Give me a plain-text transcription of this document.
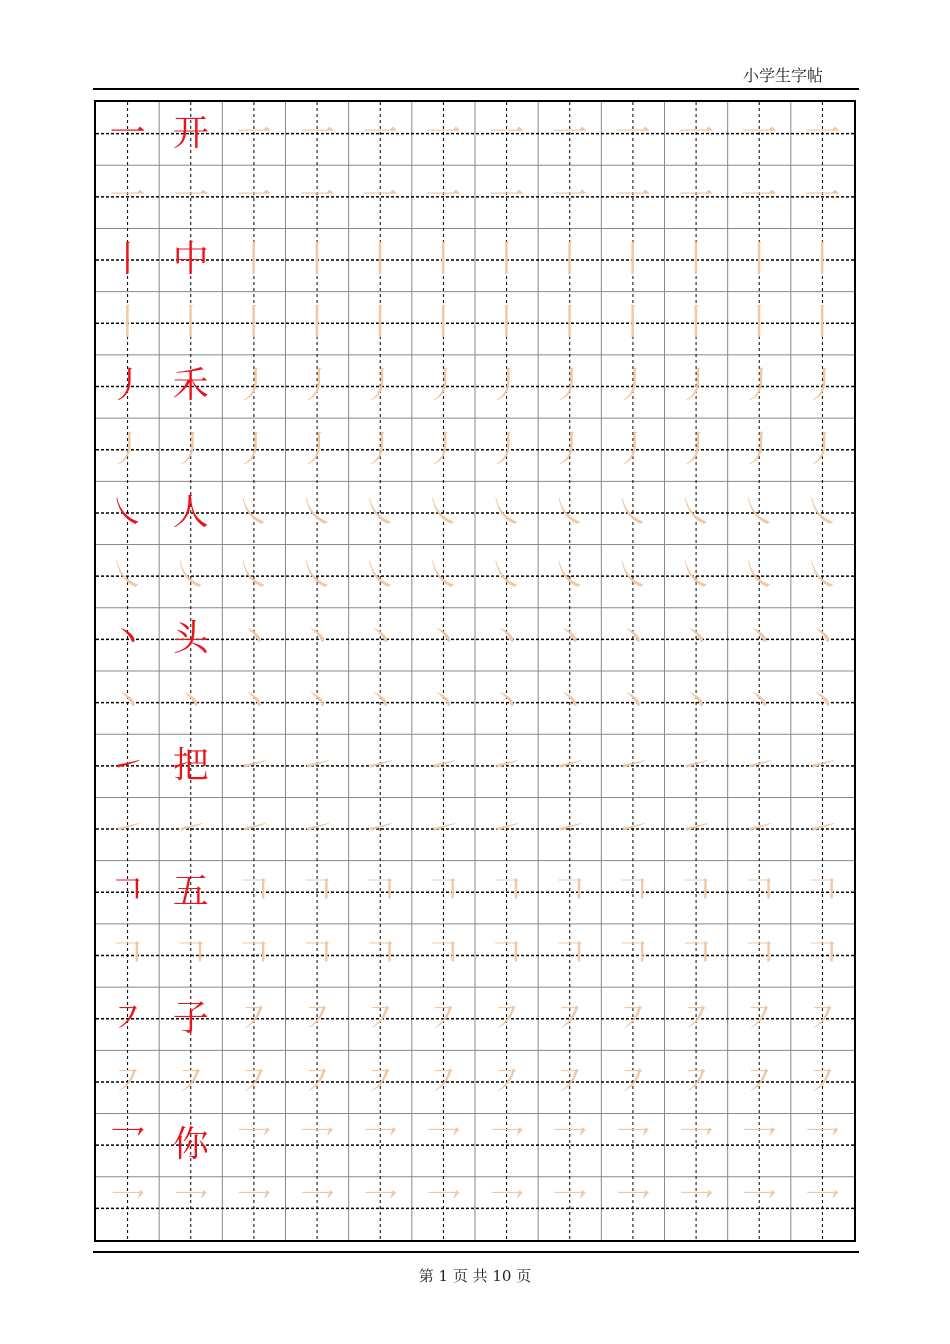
小学生字帖
一 开 一 一 一 一 一 一 一 一 一 一
一 一 一 一 一 一 一 一 一 一 一 一
丨 中 丨 丨 丨 丨 丨 丨 丨 丨 丨 丨
丨 丨 丨 丨 丨 丨 丨 丨 丨 丨 丨 丨
丿 禾 丿 丿 丿 丿 丿 丿 丿 丿 丿 丿
丿 丿 丿 丿 丿 丿 丿 丿 丿 丿 丿 丿
㇏ 人 ㇏ ㇏ ㇏ ㇏ ㇏ ㇏ ㇏ ㇏ ㇏ ㇏
㇏ ㇏ ㇏ ㇏ ㇏ ㇏ ㇏ ㇏ ㇏ ㇏ ㇏ ㇏
丶 头 丶 丶 丶 丶 丶 丶 丶 丶 丶 丶
丶 丶 丶 丶 丶 丶 丶 丶 丶 丶 丶 丶
㇀ 把 ㇀ ㇀ ㇀ ㇀ ㇀ ㇀ ㇀ ㇀ ㇀ ㇀
㇀ ㇀ ㇀ ㇀ ㇀ ㇀ ㇀ ㇀ ㇀ ㇀ ㇀ ㇀
𠃍 五 𠃍 𠃍 𠃍 𠃍 𠃍 𠃍 𠃍 𠃍 𠃍 𠃍
𠃍 𠃍 𠃍 𠃍 𠃍 𠃍 𠃍 𠃍 𠃍 𠃍 𠃍 𠃍
㇇ 子 ㇇ ㇇ ㇇ ㇇ ㇇ ㇇ ㇇ ㇇ ㇇ ㇇
㇇ ㇇ ㇇ ㇇ ㇇ ㇇ ㇇ ㇇ ㇇ ㇇ ㇇ ㇇
乛 你 乛 乛 乛 乛 乛 乛 乛 乛 乛 乛
乛 乛 乛 乛 乛 乛 乛 乛 乛 乛 乛 乛
第 1 页 共 10 页
